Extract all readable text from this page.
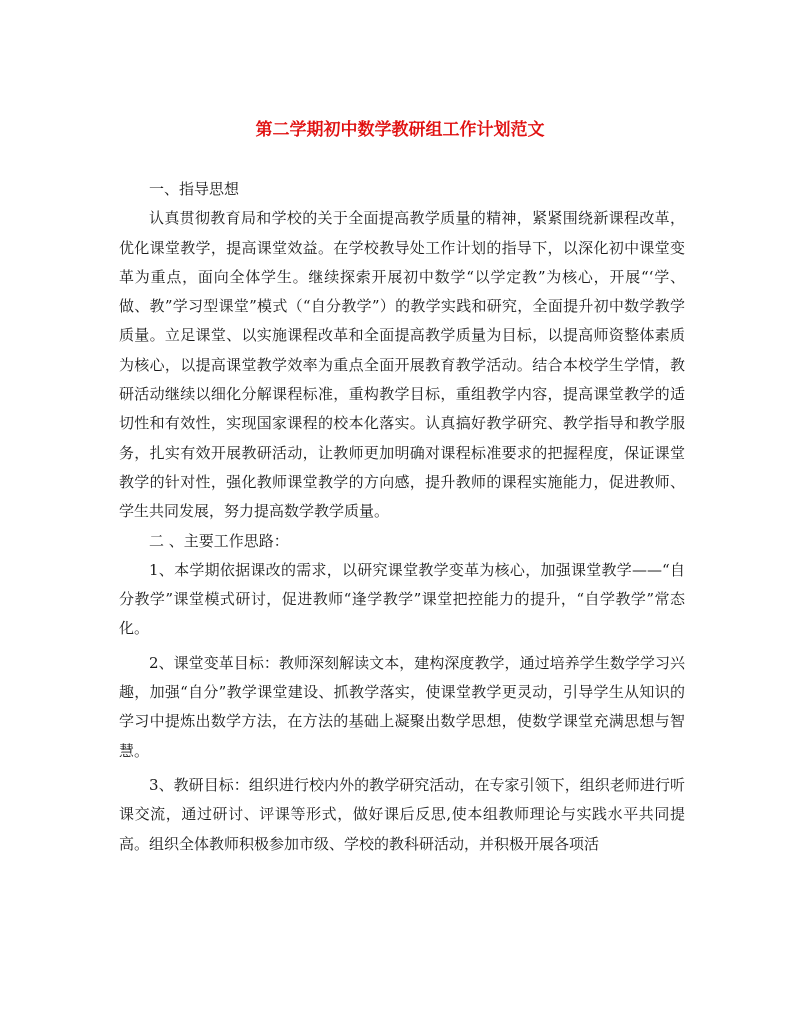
第二学期初中数学教研组工作计划范文

一、指导思想

认真贯彻教育局和学校的关于全面提高教学质量的精神，紧紧围绕新课程改革，优化课堂教学，提高课堂效益。在学校教导处工作计划的指导下，以深化初中课堂变革为重点，面向全体学生。继续探索开展初中数学“以学定教”为核心，开展“‘学、做、教”学习型课堂”模式（“自分教学”）的教学实践和研究，全面提升初中数学教学质量。立足课堂、以实施课程改革和全面提高教学质量为目标，以提高师资整体素质为核心，以提高课堂教学效率为重点全面开展教育教学活动。结合本校学生学情，教研活动继续以细化分解课程标准，重构教学目标，重组教学内容，提高课堂教学的适切性和有效性，实现国家课程的校本化落实。认真搞好教学研究、教学指导和教学服务，扎实有效开展教研活动，让教师更加明确对课程标准要求的把握程度，保证课堂教学的针对性，强化教师课堂教学的方向感，提升教师的课程实施能力，促进教师、学生共同发展，努力提高数学教学质量。

二 、主要工作思路：

1、本学期依据课改的需求，以研究课堂教学变革为核心，加强课堂教学——“自分教学”课堂模式研讨，促进教师“逢学教学”课堂把控能力的提升，“自学教学”常态化。

2、课堂变革目标：教师深刻解读文本，建构深度教学，通过培养学生数学学习兴趣，加强“自分”教学课堂建设、抓教学落实，使课堂教学更灵动，引导学生从知识的学习中提炼出数学方法，在方法的基础上凝聚出数学思想，使数学课堂充满思想与智慧。

3、教研目标：组织进行校内外的教学研究活动，在专家引领下，组织老师进行听课交流，通过研讨、评课等形式，做好课后反思,使本组教师理论与实践水平共同提高。组织全体教师积极参加市级、学校的教科研活动，并积极开展各项活
